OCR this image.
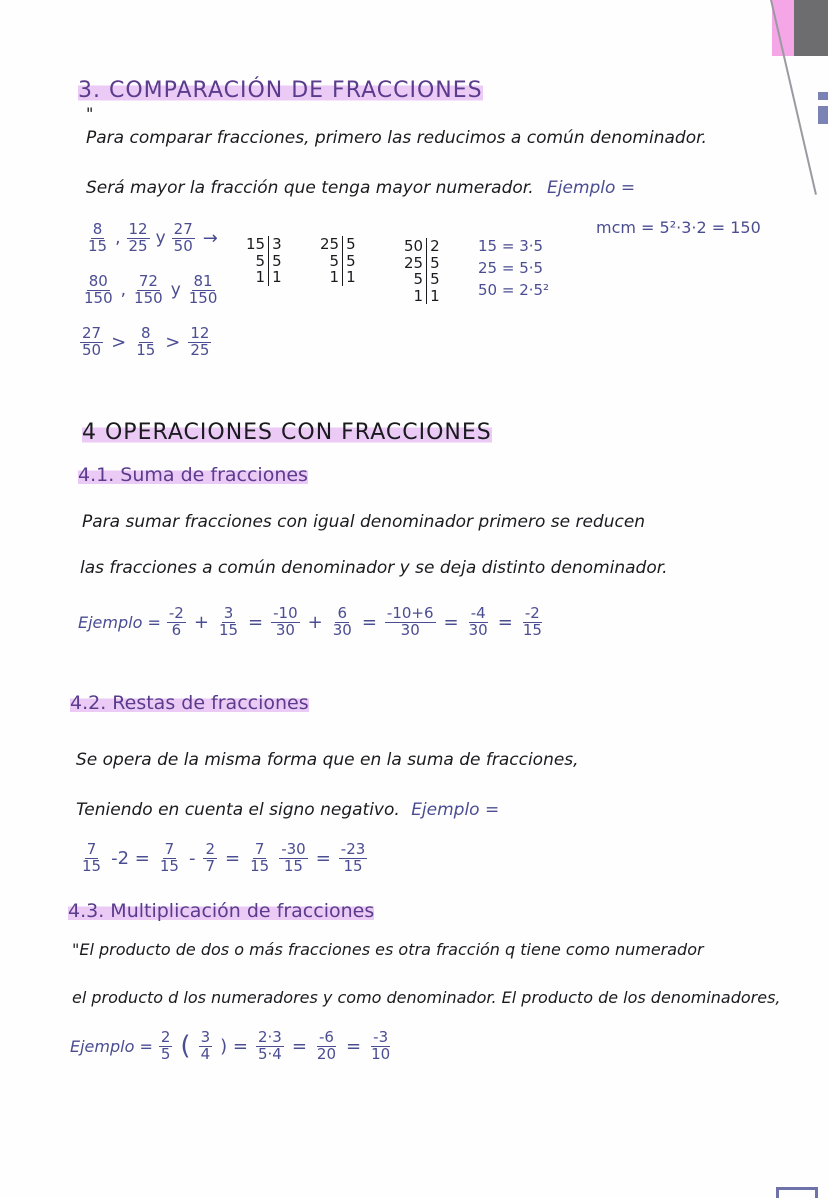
3. COMPARACIÓN DE FRACCIONES
"
Para comparar fracciones, primero las reducimos a común denominador.
Será mayor la fracción que tenga mayor numerador. Ejemplo =
mcm = 5²·3·2 = 150
$\frac{8}{15}$ , $\frac{12}{25}$ y $\frac{27}{50}$ →
$\frac{80}{150}$ , $\frac{72}{150}$ y $\frac{81}{150}$
15 3
5 5
1 1
25 5
5 5
1 1
50 2
25 5
5 5
1 1
15 = 3·5
25 = 5·5
50 = 2·5²
$\frac{27}{50} > \frac{8}{15} > \frac{12}{25}$
4 OPERACIONES CON FRACCIONES
4.1. Suma de fracciones
Para sumar fracciones con igual denominador primero se reducen
las fracciones a común denominador y se deja distinto denominador.
Ejemplo = $\frac{-2}{6} + \frac{3}{15} = \frac{-10}{30} + \frac{6}{30} = \frac{-10+6}{30} = \frac{-4}{30} = \frac{-2}{15}$
4.2. Restas de fracciones
Se opera de la misma forma que en la suma de fracciones,
Teniendo en cuenta el signo negativo. Ejemplo =
$\frac{7}{15} -2 = \frac{7}{15} - \frac{2}{7} = \frac{7}{15} \frac{-30}{15} = \frac{-23}{15}$
4.3. Multiplicación de fracciones
"El producto de dos o más fracciones es otra fracción q tiene como numerador
el producto d los numeradores y como denominador. El producto de los denominadores,
Ejemplo = $\frac{2}{5}$ ( $\frac{3}{4}$ ) = $\frac{2\cdot 3}{5\cdot 4} = \frac{-6}{20} = \frac{-3}{10}$
